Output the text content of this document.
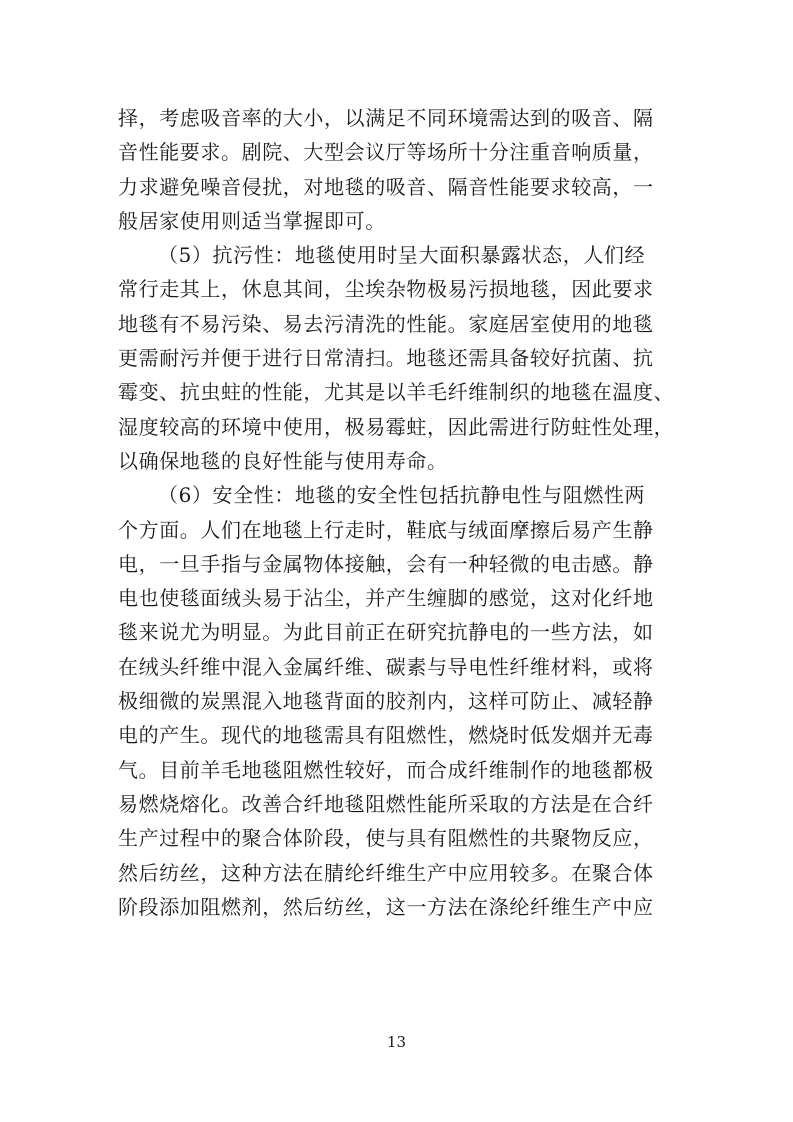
择，考虑吸音率的大小，以满足不同环境需达到的吸音、隔
音性能要求。剧院、大型会议厅等场所十分注重音响质量，
力求避免噪音侵扰，对地毯的吸音、隔音性能要求较高，一
般居家使用则适当掌握即可。
（5）抗污性：地毯使用时呈大面积暴露状态，人们经
常行走其上，休息其间，尘埃杂物极易污损地毯，因此要求
地毯有不易污染、易去污清洗的性能。家庭居室使用的地毯
更需耐污并便于进行日常清扫。地毯还需具备较好抗菌、抗
霉变、抗虫蛀的性能，尤其是以羊毛纤维制织的地毯在温度、
湿度较高的环境中使用，极易霉蛀，因此需进行防蛀性处理，
以确保地毯的良好性能与使用寿命。
（6）安全性：地毯的安全性包括抗静电性与阻燃性两
个方面。人们在地毯上行走时，鞋底与绒面摩擦后易产生静
电，一旦手指与金属物体接触，会有一种轻微的电击感。静
电也使毯面绒头易于沾尘，并产生缠脚的感觉，这对化纤地
毯来说尤为明显。为此目前正在研究抗静电的一些方法，如
在绒头纤维中混入金属纤维、碳素与导电性纤维材料，或将
极细微的炭黑混入地毯背面的胶剂内，这样可防止、减轻静
电的产生。现代的地毯需具有阻燃性，燃烧时低发烟并无毒
气。目前羊毛地毯阻燃性较好，而合成纤维制作的地毯都极
易燃烧熔化。改善合纤地毯阻燃性能所采取的方法是在合纤
生产过程中的聚合体阶段，使与具有阻燃性的共聚物反应，
然后纺丝，这种方法在腈纶纤维生产中应用较多。在聚合体
阶段添加阻燃剂，然后纺丝，这一方法在涤纶纤维生产中应
13
